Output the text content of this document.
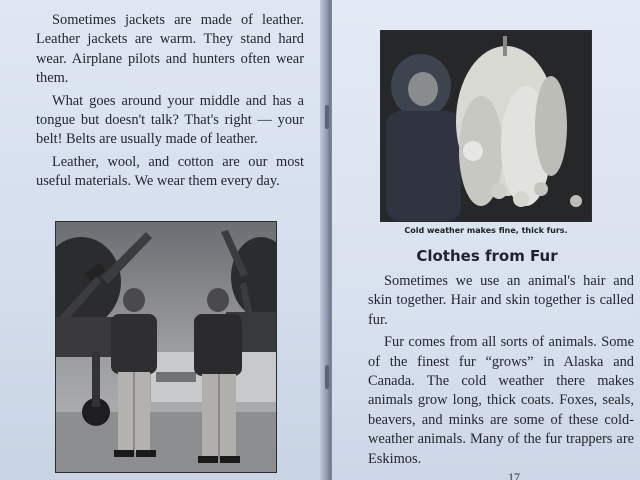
Sometimes jackets are made of leather. Leather jackets are warm. They stand hard wear. Airplane pilots and hunters often wear them.

What goes around your middle and has a tongue but doesn't talk? That's right — your belt! Belts are usually made of leather.

Leather, wool, and cotton are our most useful materials. We wear them every day.

Cold weather makes fine, thick furs.
Clothes from Fur

Sometimes we use an animal's hair and skin together. Hair and skin together is called fur.

Fur comes from all sorts of animals. Some of the finest fur “grows” in Alaska and Canada. The cold weather there makes animals grow long, thick coats. Foxes, seals, beavers, and minks are some of these cold-weather animals. Many of the fur trappers are Eskimos.

17
